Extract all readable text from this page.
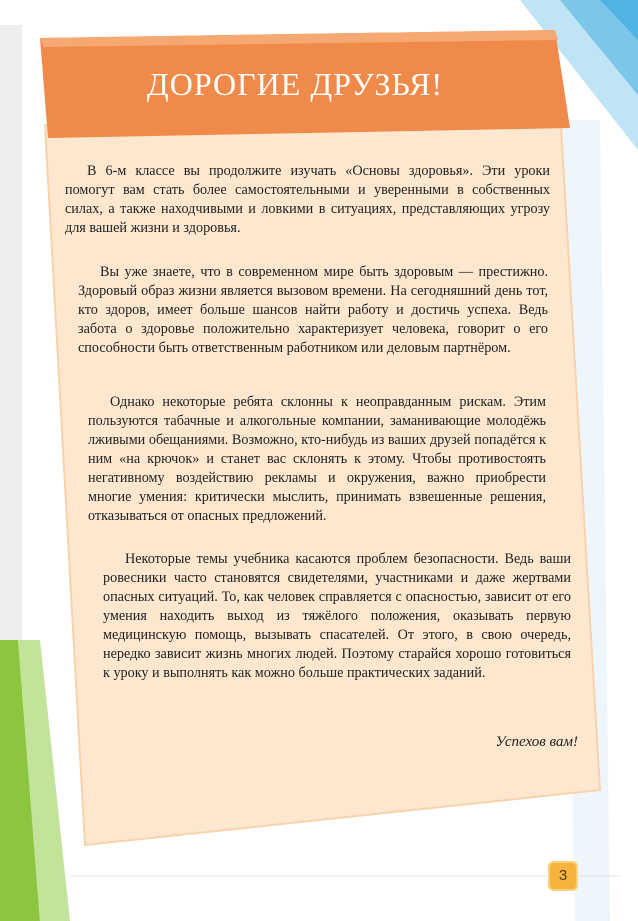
ДОРОГИЕ ДРУЗЬЯ!

В 6-м классе вы продолжите изучать «Основы здоровья». Эти уроки помогут вам стать более самостоятельными и уверенными в собственных силах, а также находчивыми и ловкими в ситуациях, представляющих угрозу для вашей жизни и здоровья.

Вы уже знаете, что в современном мире быть здоровым — престижно. Здоровый образ жизни является вызовом времени. На сегодняшний день тот, кто здоров, имеет больше шансов найти работу и достичь успеха. Ведь забота о здоровье положительно характеризует человека, говорит о его способности быть ответственным работником или деловым партнёром.

Однако некоторые ребята склонны к неоправданным рискам. Этим пользуются табачные и алкогольные компании, заманивающие молодёжь лживыми обещаниями. Возможно, кто-нибудь из ваших друзей попадётся к ним «на крючок» и станет вас склонять к этому. Чтобы противостоять негативному воздействию рекламы и окружения, важно приобрести многие умения: критически мыслить, принимать взвешенные решения, отказываться от опасных предложений.

Некоторые темы учебника касаются проблем безопасности. Ведь ваши ровесники часто становятся свидетелями, участниками и даже жертвами опасных ситуаций. То, как человек справляется с опасностью, зависит от его умения находить выход из тяжёлого положения, оказывать первую медицинскую помощь, вызывать спасателей. От этого, в свою очередь, нередко зависит жизнь многих людей. Поэтому старайся хорошо готовиться к уроку и выполнять как можно больше практических заданий.

Успехов вам!
3
